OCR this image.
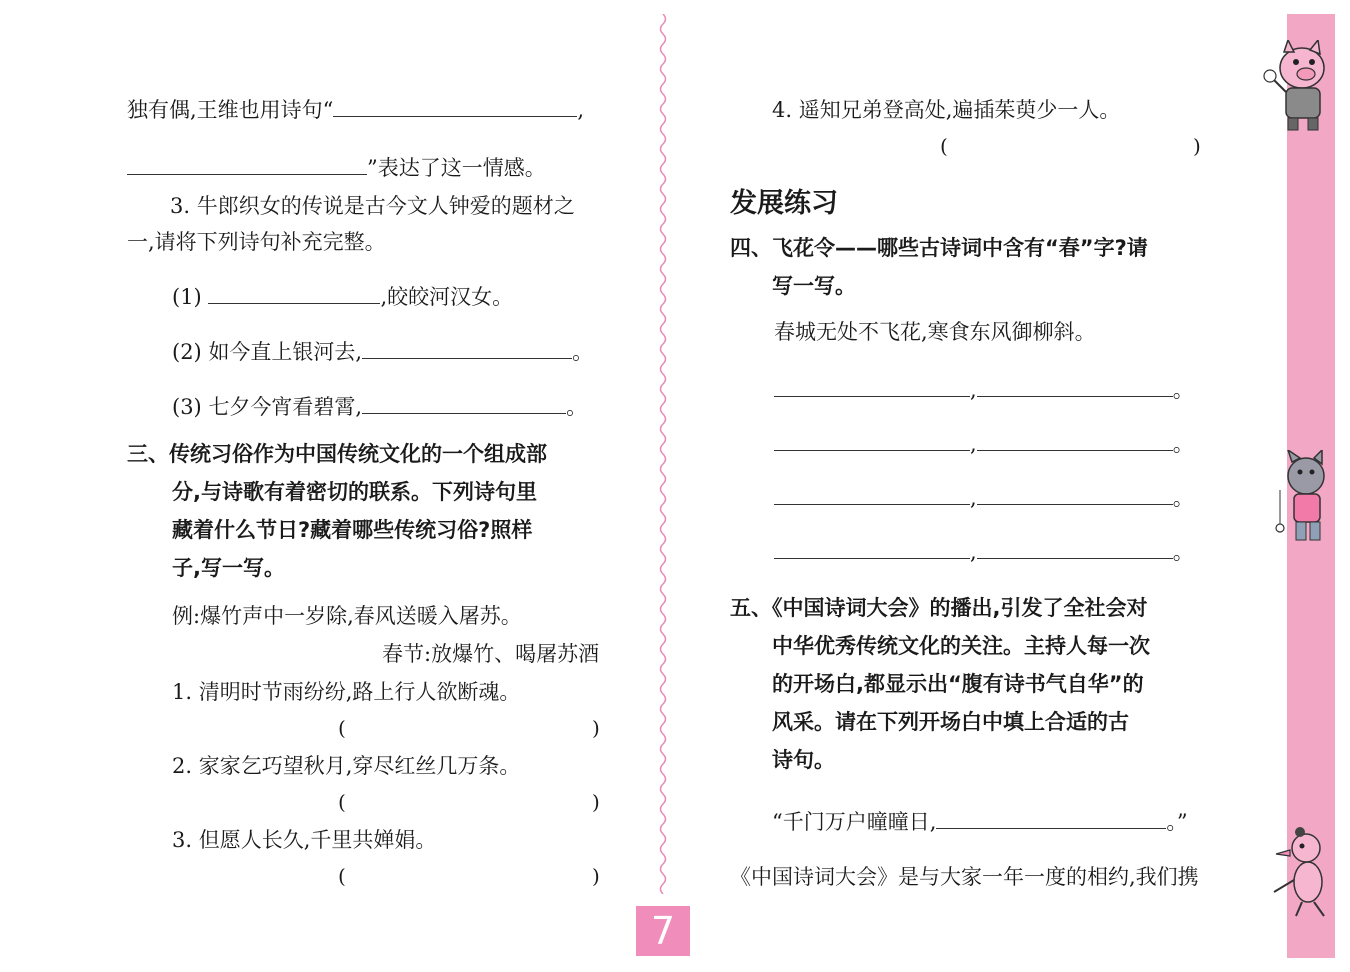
独有偶,王维也用诗句“	,
”表达了这一情感。
3. 牛郎织女的传说是古今文人钟爱的题材之
一,请将下列诗句补充完整。
(1)	,皎皎河汉女。
(2) 如今直上银河去,	。
(3) 七夕今宵看碧霄,	。
三、传统习俗作为中国传统文化的一个组成部
分,与诗歌有着密切的联系。下列诗句里
藏着什么节日?藏着哪些传统习俗?照样
子,写一写。
例:爆竹声中一岁除,春风送暖入屠苏。
春节:放爆竹、喝屠苏酒
1. 清明时节雨纷纷,路上行人欲断魂。
(	)
2. 家家乞巧望秋月,穿尽红丝几万条。
(	)
3. 但愿人长久,千里共婵娟。
(	)
4. 遥知兄弟登高处,遍插茱萸少一人。
(	)
发展练习
四、飞花令——哪些古诗词中含有“春”字?请
写一写。
春城无处不飞花,寒食东风御柳斜。
,	。
,	。
,	。
,	。
五、《中国诗词大会》的播出,引发了全社会对
中华优秀传统文化的关注。主持人每一次
的开场白,都显示出“腹有诗书气自华”的
风采。请在下列开场白中填上合适的古
诗句。
“千门万户曈曈日,	。”
《中国诗词大会》是与大家一年一度的相约,我们携
7
